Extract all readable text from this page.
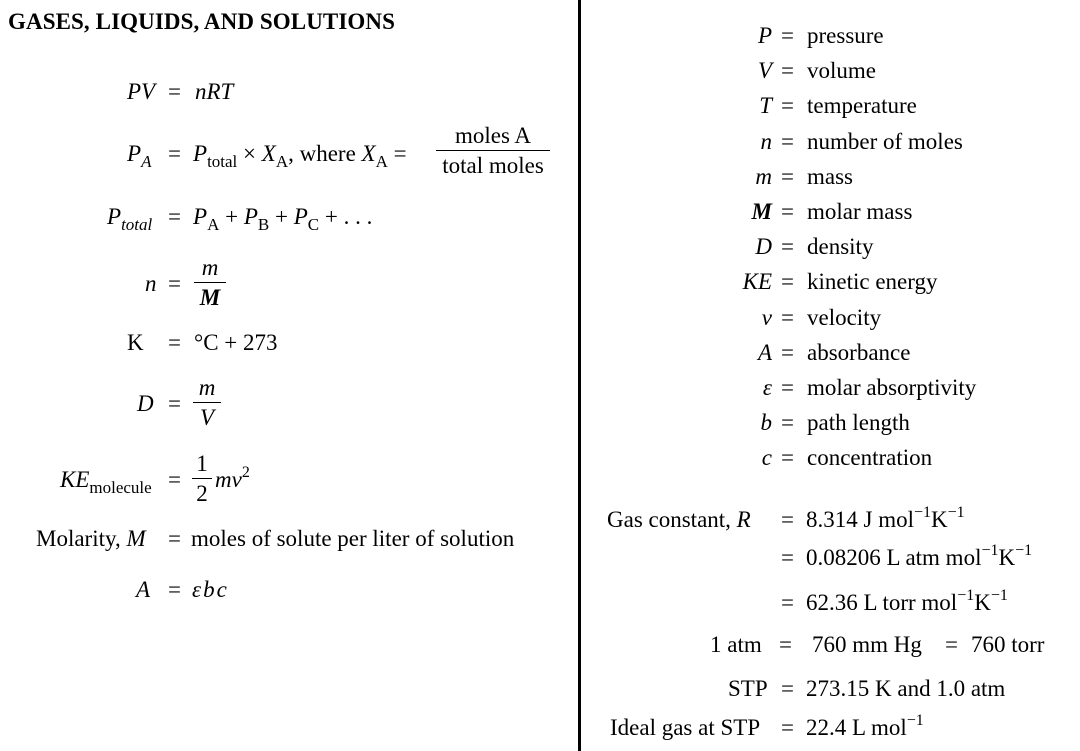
GASES, LIQUIDS, AND SOLUTIONS
PV = nRT
$P_A = P_{total} \times X_A$, where $X_A$ =
moles A
total moles
$P_{total} = P_A + P_B + P_C$ + . . .
$n = \frac{m}{M}$
K = °C + 273
$D = \frac{m}{V}$
$KE_{molecule} = \frac{1}{2} mv^2$
Molarity, M = moles of solute per liter of solution
A = εbc
P = pressure
V = volume
T = temperature
n = number of moles
m = mass
M = molar mass
D = density
KE = kinetic energy
v = velocity
A = absorbance
ε = molar absorptivity
b = path length
c = concentration
Gas constant, R = 8.314 J $mol^{-1}K^{-1}$
= 0.08206 L atm $mol^{-1}K^{-1}$
= 62.36 L torr $mol^{-1}K^{-1}$
1 atm = 760 mm Hg = 760 torr
STP = 273.15 K and 1.0 atm
Ideal gas at STP = 22.4 L mol$^{-1}$
